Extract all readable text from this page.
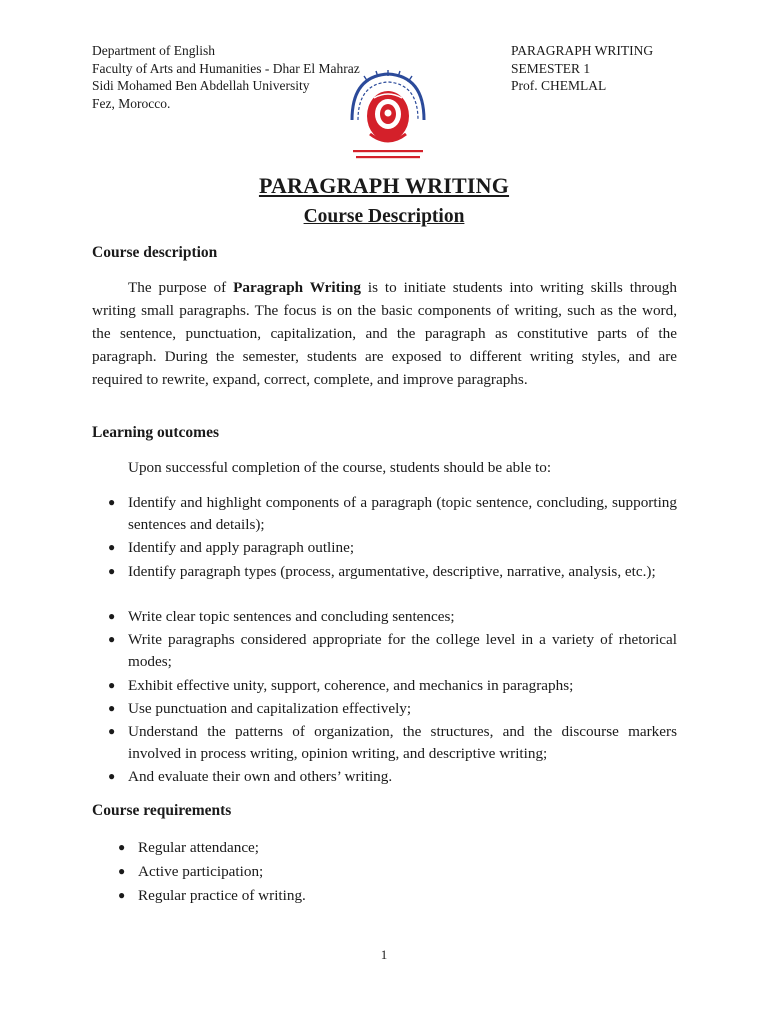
Department of English
Faculty of Arts and Humanities - Dhar El Mahraz
Sidi Mohamed Ben Abdellah University
Fez, Morocco.
PARAGRAPH WRITING
SEMESTER 1
Prof. CHEMLAL
PARAGRAPH WRITING
Course Description
Course description
The purpose of Paragraph Writing is to initiate students into writing skills through writing small paragraphs. The focus is on the basic components of writing, such as the word, the sentence, punctuation, capitalization, and the paragraph as constitutive parts of the paragraph. During the semester, students are exposed to different writing styles, and are required to rewrite, expand, correct, complete, and improve paragraphs.
Learning outcomes
Upon successful completion of the course, students should be able to:
● Identify and highlight components of a paragraph (topic sentence, concluding, supporting sentences and details);
● Identify and apply paragraph outline;
● Identify paragraph types (process, argumentative, descriptive, narrative, analysis, etc.);
● Write clear topic sentences and concluding sentences;
● Write paragraphs considered appropriate for the college level in a variety of rhetorical modes;
● Exhibit effective unity, support, coherence, and mechanics in paragraphs;
● Use punctuation and capitalization effectively;
● Understand the patterns of organization, the structures, and the discourse markers involved in process writing, opinion writing, and descriptive writing;
● And evaluate their own and others’ writing.
Course requirements
● Regular attendance;
● Active participation;
● Regular practice of writing.
1
